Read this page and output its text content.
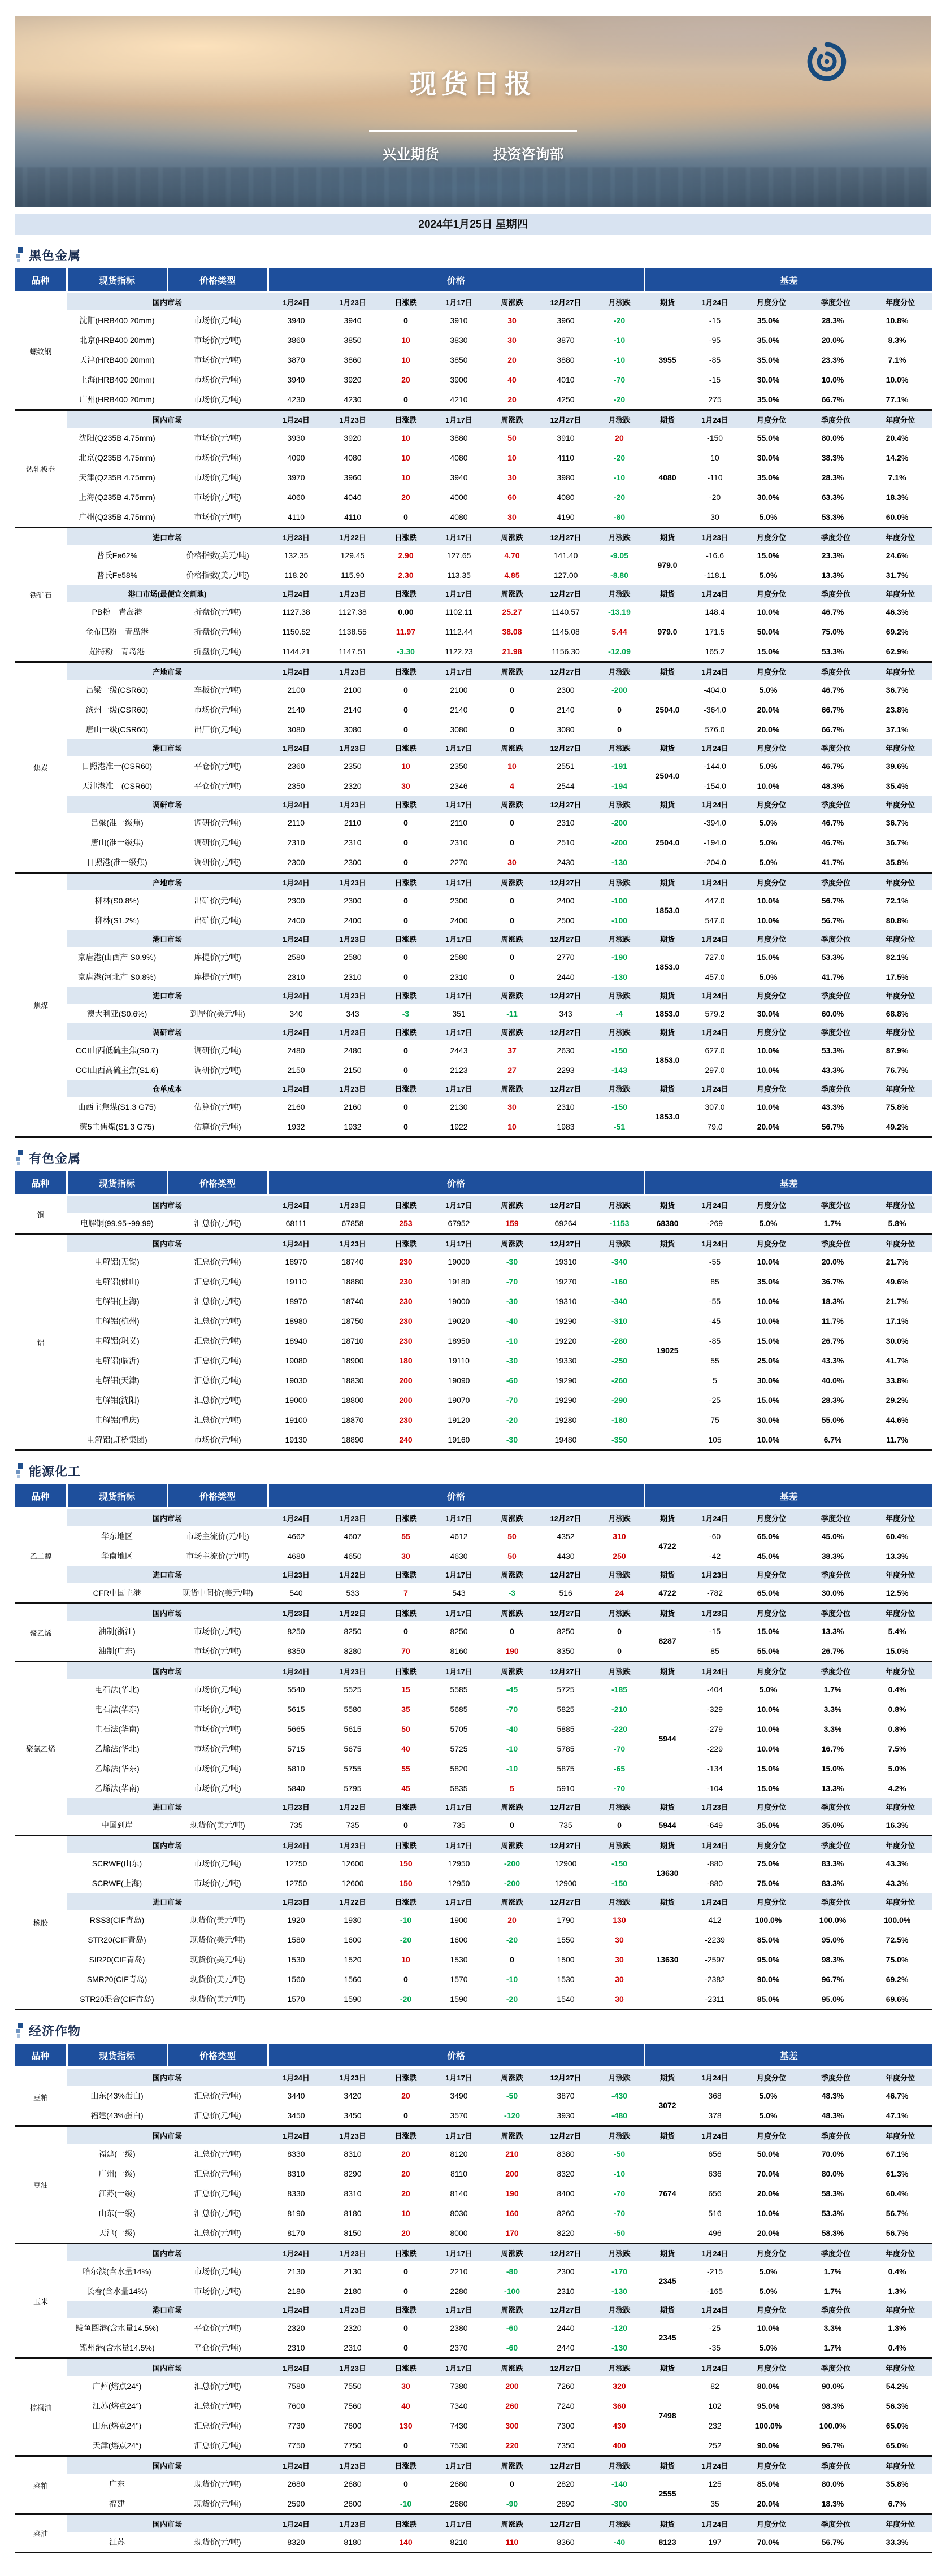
现货日报
兴业期货	投资咨询部
2024年1月25日 星期四
黑色金属
品种	现货指标	价格类型	价格							基差				
螺纹钢	国内市场		1月24日	1月23日	日涨跌	1月17日	周涨跌	12月27日	月涨跌	期货	1月24日	月度分位	季度分位	年度分位
	沈阳(HRB400 20mm)	市场价(元/吨)	3940	3940	0	3910	30	3960	-20	3955	-15	35.0%	28.3%	10.8%
	北京(HRB400 20mm)	市场价(元/吨)	3860	3850	10	3830	30	3870	-10		-95	35.0%	20.0%	8.3%
	天津(HRB400 20mm)	市场价(元/吨)	3870	3860	10	3850	20	3880	-10		-85	35.0%	23.3%	7.1%
	上海(HRB400 20mm)	市场价(元/吨)	3940	3920	20	3900	40	4010	-70		-15	30.0%	10.0%	10.0%
	广州(HRB400 20mm)	市场价(元/吨)	4230	4230	0	4210	20	4250	-20		275	35.0%	66.7%	77.1%
热轧板卷	国内市场		1月24日	1月23日	日涨跌	1月17日	周涨跌	12月27日	月涨跌	期货	1月24日	月度分位	季度分位	年度分位
	沈阳(Q235B 4.75mm)	市场价(元/吨)	3930	3920	10	3880	50	3910	20	4080	-150	55.0%	80.0%	20.4%
	北京(Q235B 4.75mm)	市场价(元/吨)	4090	4080	10	4080	10	4110	-20		10	30.0%	38.3%	14.2%
	天津(Q235B 4.75mm)	市场价(元/吨)	3970	3960	10	3940	30	3980	-10		-110	35.0%	28.3%	7.1%
	上海(Q235B 4.75mm)	市场价(元/吨)	4060	4040	20	4000	60	4080	-20		-20	30.0%	63.3%	18.3%
	广州(Q235B 4.75mm)	市场价(元/吨)	4110	4110	0	4080	30	4190	-80		30	5.0%	53.3%	60.0%
铁矿石	进口市场		1月23日	1月22日	日涨跌	1月17日	周涨跌	12月27日	月涨跌	期货	1月23日	月度分位	季度分位	年度分位
	普氏Fe62%	价格指数(美元/吨)	132.35	129.45	2.90	127.65	4.70	141.40	-9.05	979.0	-16.6	15.0%	23.3%	24.6%
	普氏Fe58%	价格指数(美元/吨)	118.20	115.90	2.30	113.35	4.85	127.00	-8.80		-118.1	5.0%	13.3%	31.7%
	港口市场(最便宜交割地)		1月24日	1月23日	日涨跌	1月17日	周涨跌	12月27日	月涨跌	期货	1月24日	月度分位	季度分位	年度分位
	PB粉　青岛港	折盘价(元/吨)	1127.38	1127.38	0.00	1102.11	25.27	1140.57	-13.19	979.0	148.4	10.0%	46.7%	46.3%
	金布巴粉　青岛港	折盘价(元/吨)	1150.52	1138.55	11.97	1112.44	38.08	1145.08	5.44		171.5	50.0%	75.0%	69.2%
	超特粉　青岛港	折盘价(元/吨)	1144.21	1147.51	-3.30	1122.23	21.98	1156.30	-12.09		165.2	15.0%	53.3%	62.9%
焦炭	产地市场		1月24日	1月23日	日涨跌	1月17日	周涨跌	12月27日	月涨跌	期货	1月24日	月度分位	季度分位	年度分位
	吕梁一级(CSR60)	车板价(元/吨)	2100	2100	0	2100	0	2300	-200	2504.0	-404.0	5.0%	46.7%	36.7%
	滨州一级(CSR60)	市场价(元/吨)	2140	2140	0	2140	0	2140	0		-364.0	20.0%	66.7%	23.8%
	唐山一级(CSR60)	出厂价(元/吨)	3080	3080	0	3080	0	3080	0		576.0	20.0%	66.7%	37.1%
	港口市场		1月24日	1月23日	日涨跌	1月17日	周涨跌	12月27日	月涨跌	期货	1月24日	月度分位	季度分位	年度分位
	日照港准一(CSR60)	平仓价(元/吨)	2360	2350	10	2350	10	2551	-191	2504.0	-144.0	5.0%	46.7%	39.6%
	天津港准一(CSR60)	平仓价(元/吨)	2350	2320	30	2346	4	2544	-194		-154.0	10.0%	48.3%	35.4%
	调研市场		1月24日	1月23日	日涨跌	1月17日	周涨跌	12月27日	月涨跌	期货	1月24日	月度分位	季度分位	年度分位
	吕梁(准一级焦)	调研价(元/吨)	2110	2110	0	2110	0	2310	-200	2504.0	-394.0	5.0%	46.7%	36.7%
	唐山(准一级焦)	调研价(元/吨)	2310	2310	0	2310	0	2510	-200		-194.0	5.0%	46.7%	36.7%
	日照港(准一级焦)	调研价(元/吨)	2300	2300	0	2270	30	2430	-130		-204.0	5.0%	41.7%	35.8%
焦煤	产地市场		1月24日	1月23日	日涨跌	1月17日	周涨跌	12月27日	月涨跌	期货	1月24日	月度分位	季度分位	年度分位
	柳林(S0.8%)	出矿价(元/吨)	2300	2300	0	2300	0	2400	-100	1853.0	447.0	10.0%	56.7%	72.1%
	柳林(S1.2%)	出矿价(元/吨)	2400	2400	0	2400	0	2500	-100		547.0	10.0%	56.7%	80.8%
	港口市场		1月24日	1月23日	日涨跌	1月17日	周涨跌	12月27日	月涨跌	期货	1月24日	月度分位	季度分位	年度分位
	京唐港(山西产 S0.9%)	库提价(元/吨)	2580	2580	0	2580	0	2770	-190	1853.0	727.0	15.0%	53.3%	82.1%
	京唐港(河北产 S0.8%)	库提价(元/吨)	2310	2310	0	2310	0	2440	-130		457.0	5.0%	41.7%	17.5%
	进口市场		1月24日	1月23日	日涨跌	1月17日	周涨跌	12月27日	月涨跌	期货	1月24日	月度分位	季度分位	年度分位
	澳大利亚(S0.6%)	到岸价(美元/吨)	340	343	-3	351	-11	343	-4	1853.0	579.2	30.0%	60.0%	68.8%
	调研市场		1月24日	1月23日	日涨跌	1月17日	周涨跌	12月27日	月涨跌	期货	1月24日	月度分位	季度分位	年度分位
	CCI山西低硫主焦(S0.7)	调研价(元/吨)	2480	2480	0	2443	37	2630	-150	1853.0	627.0	10.0%	53.3%	87.9%
	CCI山西高硫主焦(S1.6)	调研价(元/吨)	2150	2150	0	2123	27	2293	-143		297.0	10.0%	43.3%	76.7%
	仓单成本		1月24日	1月23日	日涨跌	1月17日	周涨跌	12月27日	月涨跌	期货	1月24日	月度分位	季度分位	年度分位
	山西主焦煤(S1.3 G75)	估算价(元/吨)	2160	2160	0	2130	30	2310	-150	1853.0	307.0	10.0%	43.3%	75.8%
	蒙5主焦煤(S1.3 G75)	估算价(元/吨)	1932	1932	0	1922	10	1983	-51		79.0	20.0%	56.7%	49.2%
有色金属
品种	现货指标	价格类型	价格							基差				
铜	国内市场		1月24日	1月23日	日涨跌	1月17日	周涨跌	12月27日	月涨跌	期货	1月24日	月度分位	季度分位	年度分位
	电解铜(99.95~99.99)	汇总价(元/吨)	68111	67858	253	67952	159	69264	-1153	68380	-269	5.0%	1.7%	5.8%
铝	国内市场		1月24日	1月23日	日涨跌	1月17日	周涨跌	12月27日	月涨跌	期货	1月24日	月度分位	季度分位	年度分位
	电解铝(无锡)	汇总价(元/吨)	18970	18740	230	19000	-30	19310	-340	19025	-55	10.0%	20.0%	21.7%
	电解铝(佛山)	汇总价(元/吨)	19110	18880	230	19180	-70	19270	-160		85	35.0%	36.7%	49.6%
	电解铝(上海)	汇总价(元/吨)	18970	18740	230	19000	-30	19310	-340		-55	10.0%	18.3%	21.7%
	电解铝(杭州)	汇总价(元/吨)	18980	18750	230	19020	-40	19290	-310		-45	10.0%	11.7%	17.1%
	电解铝(巩义)	汇总价(元/吨)	18940	18710	230	18950	-10	19220	-280		-85	15.0%	26.7%	30.0%
	电解铝(临沂)	汇总价(元/吨)	19080	18900	180	19110	-30	19330	-250		55	25.0%	43.3%	41.7%
	电解铝(天津)	汇总价(元/吨)	19030	18830	200	19090	-60	19290	-260		5	30.0%	40.0%	33.8%
	电解铝(沈阳)	汇总价(元/吨)	19000	18800	200	19070	-70	19290	-290		-25	15.0%	28.3%	29.2%
	电解铝(重庆)	汇总价(元/吨)	19100	18870	230	19120	-20	19280	-180		75	30.0%	55.0%	44.6%
	电解铝(虹桥集团)	市场价(元/吨)	19130	18890	240	19160	-30	19480	-350		105	10.0%	6.7%	11.7%
能源化工
品种	现货指标	价格类型	价格							基差				
乙二醇	国内市场		1月24日	1月23日	日涨跌	1月17日	周涨跌	12月27日	月涨跌	期货	1月24日	月度分位	季度分位	年度分位
	华东地区	市场主流价(元/吨)	4662	4607	55	4612	50	4352	310	4722	-60	65.0%	45.0%	60.4%
	华南地区	市场主流价(元/吨)	4680	4650	30	4630	50	4430	250		-42	45.0%	38.3%	13.3%
	进口市场		1月23日	1月22日	日涨跌	1月17日	周涨跌	12月27日	月涨跌	期货	1月23日	月度分位	季度分位	年度分位
	CFR中国主港	现货中间价(美元/吨)	540	533	7	543	-3	516	24	4722	-782	65.0%	30.0%	12.5%
聚乙烯	国内市场		1月23日	1月22日	日涨跌	1月17日	周涨跌	12月27日	月涨跌	期货	1月23日	月度分位	季度分位	年度分位
	油制(浙江)	市场价(元/吨)	8250	8250	0	8250	0	8250	0	8287	-15	15.0%	13.3%	5.4%
	油制(广东)	市场价(元/吨)	8350	8280	70	8160	190	8350	0		85	55.0%	26.7%	15.0%
聚氯乙烯	国内市场		1月24日	1月23日	日涨跌	1月17日	周涨跌	12月27日	月涨跌	期货	1月24日	月度分位	季度分位	年度分位
	电石法(华北)	市场价(元/吨)	5540	5525	15	5585	-45	5725	-185	5944	-404	5.0%	1.7%	0.4%
	电石法(华东)	市场价(元/吨)	5615	5580	35	5685	-70	5825	-210		-329	10.0%	3.3%	0.8%
	电石法(华南)	市场价(元/吨)	5665	5615	50	5705	-40	5885	-220		-279	10.0%	3.3%	0.8%
	乙烯法(华北)	市场价(元/吨)	5715	5675	40	5725	-10	5785	-70		-229	10.0%	16.7%	7.5%
	乙烯法(华东)	市场价(元/吨)	5810	5755	55	5820	-10	5875	-65		-134	15.0%	15.0%	5.0%
	乙烯法(华南)	市场价(元/吨)	5840	5795	45	5835	5	5910	-70		-104	15.0%	13.3%	4.2%
	进口市场		1月23日	1月22日	日涨跌	1月17日	周涨跌	12月27日	月涨跌	期货	1月23日	月度分位	季度分位	年度分位
	中国到岸	现货价(美元/吨)	735	735	0	735	0	735	0	5944	-649	35.0%	35.0%	16.3%
橡胶	国内市场		1月24日	1月23日	日涨跌	1月17日	周涨跌	12月27日	月涨跌	期货	1月24日	月度分位	季度分位	年度分位
	SCRWF(山东)	市场价(元/吨)	12750	12600	150	12950	-200	12900	-150	13630	-880	75.0%	83.3%	43.3%
	SCRWF(上海)	市场价(元/吨)	12750	12600	150	12950	-200	12900	-150		-880	75.0%	83.3%	43.3%
	进口市场		1月23日	1月22日	日涨跌	1月17日	周涨跌	12月27日	月涨跌	期货	1月24日	月度分位	季度分位	年度分位
	RSS3(CIF青岛)	现货价(美元/吨)	1920	1930	-10	1900	20	1790	130	13630	412	100.0%	100.0%	100.0%
	STR20(CIF青岛)	现货价(美元/吨)	1580	1600	-20	1600	-20	1550	30		-2239	85.0%	95.0%	72.5%
	SIR20(CIF青岛)	现货价(美元/吨)	1530	1520	10	1530	0	1500	30		-2597	95.0%	98.3%	75.0%
	SMR20(CIF青岛)	现货价(美元/吨)	1560	1560	0	1570	-10	1530	30		-2382	90.0%	96.7%	69.2%
	STR20混合(CIF青岛)	现货价(美元/吨)	1570	1590	-20	1590	-20	1540	30		-2311	85.0%	95.0%	69.6%
经济作物
品种	现货指标	价格类型	价格							基差				
豆粕	国内市场		1月24日	1月23日	日涨跌	1月17日	周涨跌	12月27日	月涨跌	期货	1月24日	月度分位	季度分位	年度分位
	山东(43%蛋白)	汇总价(元/吨)	3440	3420	20	3490	-50	3870	-430	3072	368	5.0%	48.3%	46.7%
	福建(43%蛋白)	汇总价(元/吨)	3450	3450	0	3570	-120	3930	-480		378	5.0%	48.3%	47.1%
豆油	国内市场		1月24日	1月23日	日涨跌	1月17日	周涨跌	12月27日	月涨跌	期货	1月24日	月度分位	季度分位	年度分位
	福建(一级)	汇总价(元/吨)	8330	8310	20	8120	210	8380	-50	7674	656	50.0%	70.0%	67.1%
	广州(一级)	汇总价(元/吨)	8310	8290	20	8110	200	8320	-10		636	70.0%	80.0%	61.3%
	江苏(一级)	汇总价(元/吨)	8330	8310	20	8140	190	8400	-70		656	20.0%	58.3%	60.4%
	山东(一级)	汇总价(元/吨)	8190	8180	10	8030	160	8260	-70		516	10.0%	53.3%	56.7%
	天津(一级)	汇总价(元/吨)	8170	8150	20	8000	170	8220	-50		496	20.0%	58.3%	56.7%
玉米	国内市场		1月24日	1月23日	日涨跌	1月17日	周涨跌	12月27日	月涨跌	期货	1月24日	月度分位	季度分位	年度分位
	哈尔滨(含水量14%)	市场价(元/吨)	2130	2130	0	2210	-80	2300	-170	2345	-215	5.0%	1.7%	0.4%
	长春(含水量14%)	市场价(元/吨)	2180	2180	0	2280	-100	2310	-130		-165	5.0%	1.7%	1.3%
	港口市场		1月24日	1月23日	日涨跌	1月17日	周涨跌	12月27日	月涨跌	期货	1月24日	月度分位	季度分位	年度分位
	鲅鱼圈港(含水量14.5%)	平仓价(元/吨)	2320	2320	0	2380	-60	2440	-120	2345	-25	10.0%	3.3%	1.3%
	锦州港(含水量14.5%)	平仓价(元/吨)	2310	2310	0	2370	-60	2440	-130		-35	5.0%	1.7%	0.4%
棕榈油	国内市场		1月24日	1月23日	日涨跌	1月17日	周涨跌	12月27日	月涨跌	期货	1月24日	月度分位	季度分位	年度分位
	广州(熔点24°)	汇总价(元/吨)	7580	7550	30	7380	200	7260	320	7498	82	80.0%	90.0%	54.2%
	江苏(熔点24°)	汇总价(元/吨)	7600	7560	40	7340	260	7240	360		102	95.0%	98.3%	56.3%
	山东(熔点24°)	汇总价(元/吨)	7730	7600	130	7430	300	7300	430		232	100.0%	100.0%	65.0%
	天津(熔点24°)	汇总价(元/吨)	7750	7750	0	7530	220	7350	400		252	90.0%	96.7%	65.0%
菜粕	国内市场		1月24日	1月23日	日涨跌	1月17日	周涨跌	12月27日	月涨跌	期货	1月24日	月度分位	季度分位	年度分位
	广东	现货价(元/吨)	2680	2680	0	2680	0	2820	-140	2555	125	85.0%	80.0%	35.8%
	福建	现货价(元/吨)	2590	2600	-10	2680	-90	2890	-300		35	20.0%	18.3%	6.7%
菜油	国内市场		1月24日	1月23日	日涨跌	1月17日	周涨跌	12月27日	月涨跌	期货	1月24日	月度分位	季度分位	年度分位
	江苏	现货价(元/吨)	8320	8180	140	8210	110	8360	-40	8123	197	70.0%	56.7%	33.3%
